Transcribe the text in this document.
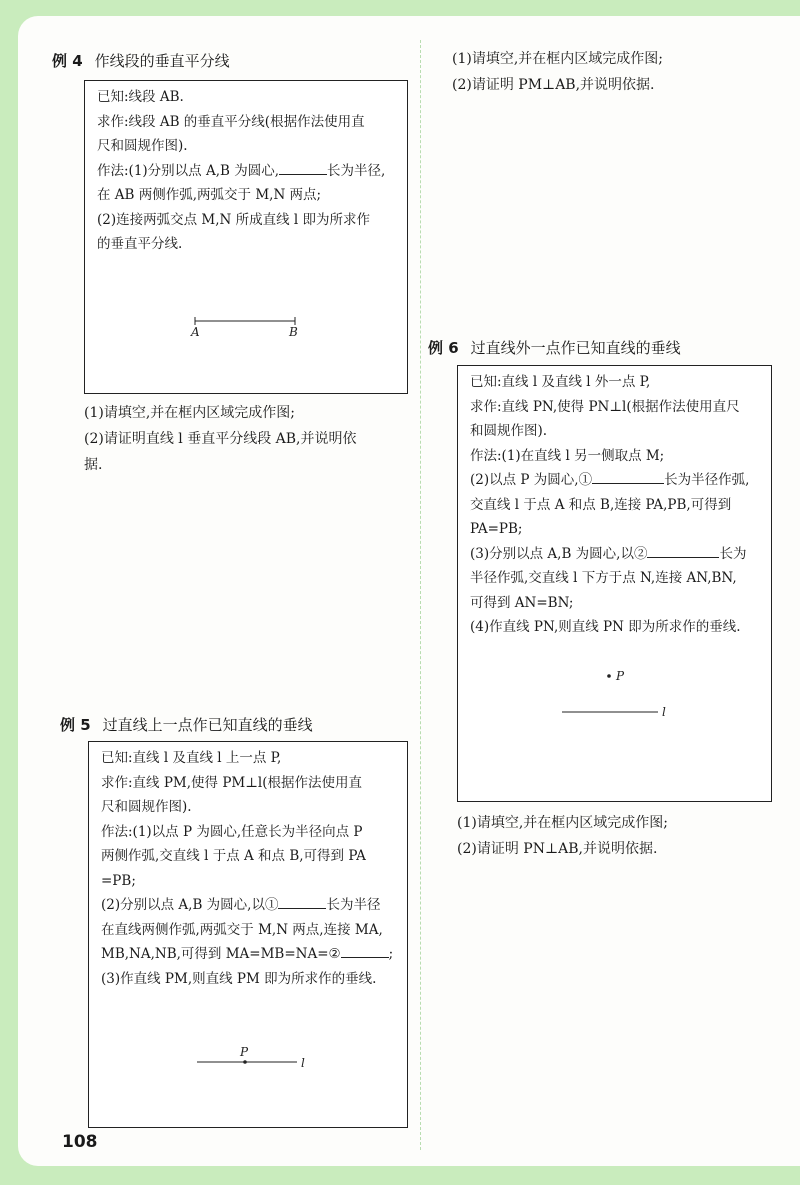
例 4 作线段的垂直平分线
已知:线段 AB.
求作:线段 AB 的垂直平分线(根据作法使用直
尺和圆规作图).
作法:(1)分别以点 A,B 为圆心,	长为半径,
在 AB 两侧作弧,两弧交于 M,N 两点;
(2)连接两弧交点 M,N 所成直线 l 即为所求作
的垂直平分线.
A	B
(1)请填空,并在框内区域完成作图;
(2)请证明直线 l 垂直平分线段 AB,并说明依
据.
例 5 过直线上一点作已知直线的垂线
已知:直线 l 及直线 l 上一点 P,
求作:直线 PM,使得 PM⊥l(根据作法使用直
尺和圆规作图).
作法:(1)以点 P 为圆心,任意长为半径向点 P
两侧作弧,交直线 l 于点 A 和点 B,可得到 PA
=PB;
(2)分别以点 A,B 为圆心,以①	长为半径
在直线两侧作弧,两弧交于 M,N 两点,连接 MA,
MB,NA,NB,可得到 MA=MB=NA=②	;
(3)作直线 PM,则直线 PM 即为所求作的垂线.
P
l
(1)请填空,并在框内区域完成作图;
(2)请证明 PM⊥AB,并说明依据.
例 6 过直线外一点作已知直线的垂线
已知:直线 l 及直线 l 外一点 P,
求作:直线 PN,使得 PN⊥l(根据作法使用直尺
和圆规作图).
作法:(1)在直线 l 另一侧取点 M;
(2)以点 P 为圆心,①	长为半径作弧,
交直线 l 于点 A 和点 B,连接 PA,PB,可得到
PA=PB;
(3)分别以点 A,B 为圆心,以②	长为
半径作弧,交直线 l 下方于点 N,连接 AN,BN,
可得到 AN=BN;
(4)作直线 PN,则直线 PN 即为所求作的垂线.
P
l
(1)请填空,并在框内区域完成作图;
(2)请证明 PN⊥AB,并说明依据.
108
